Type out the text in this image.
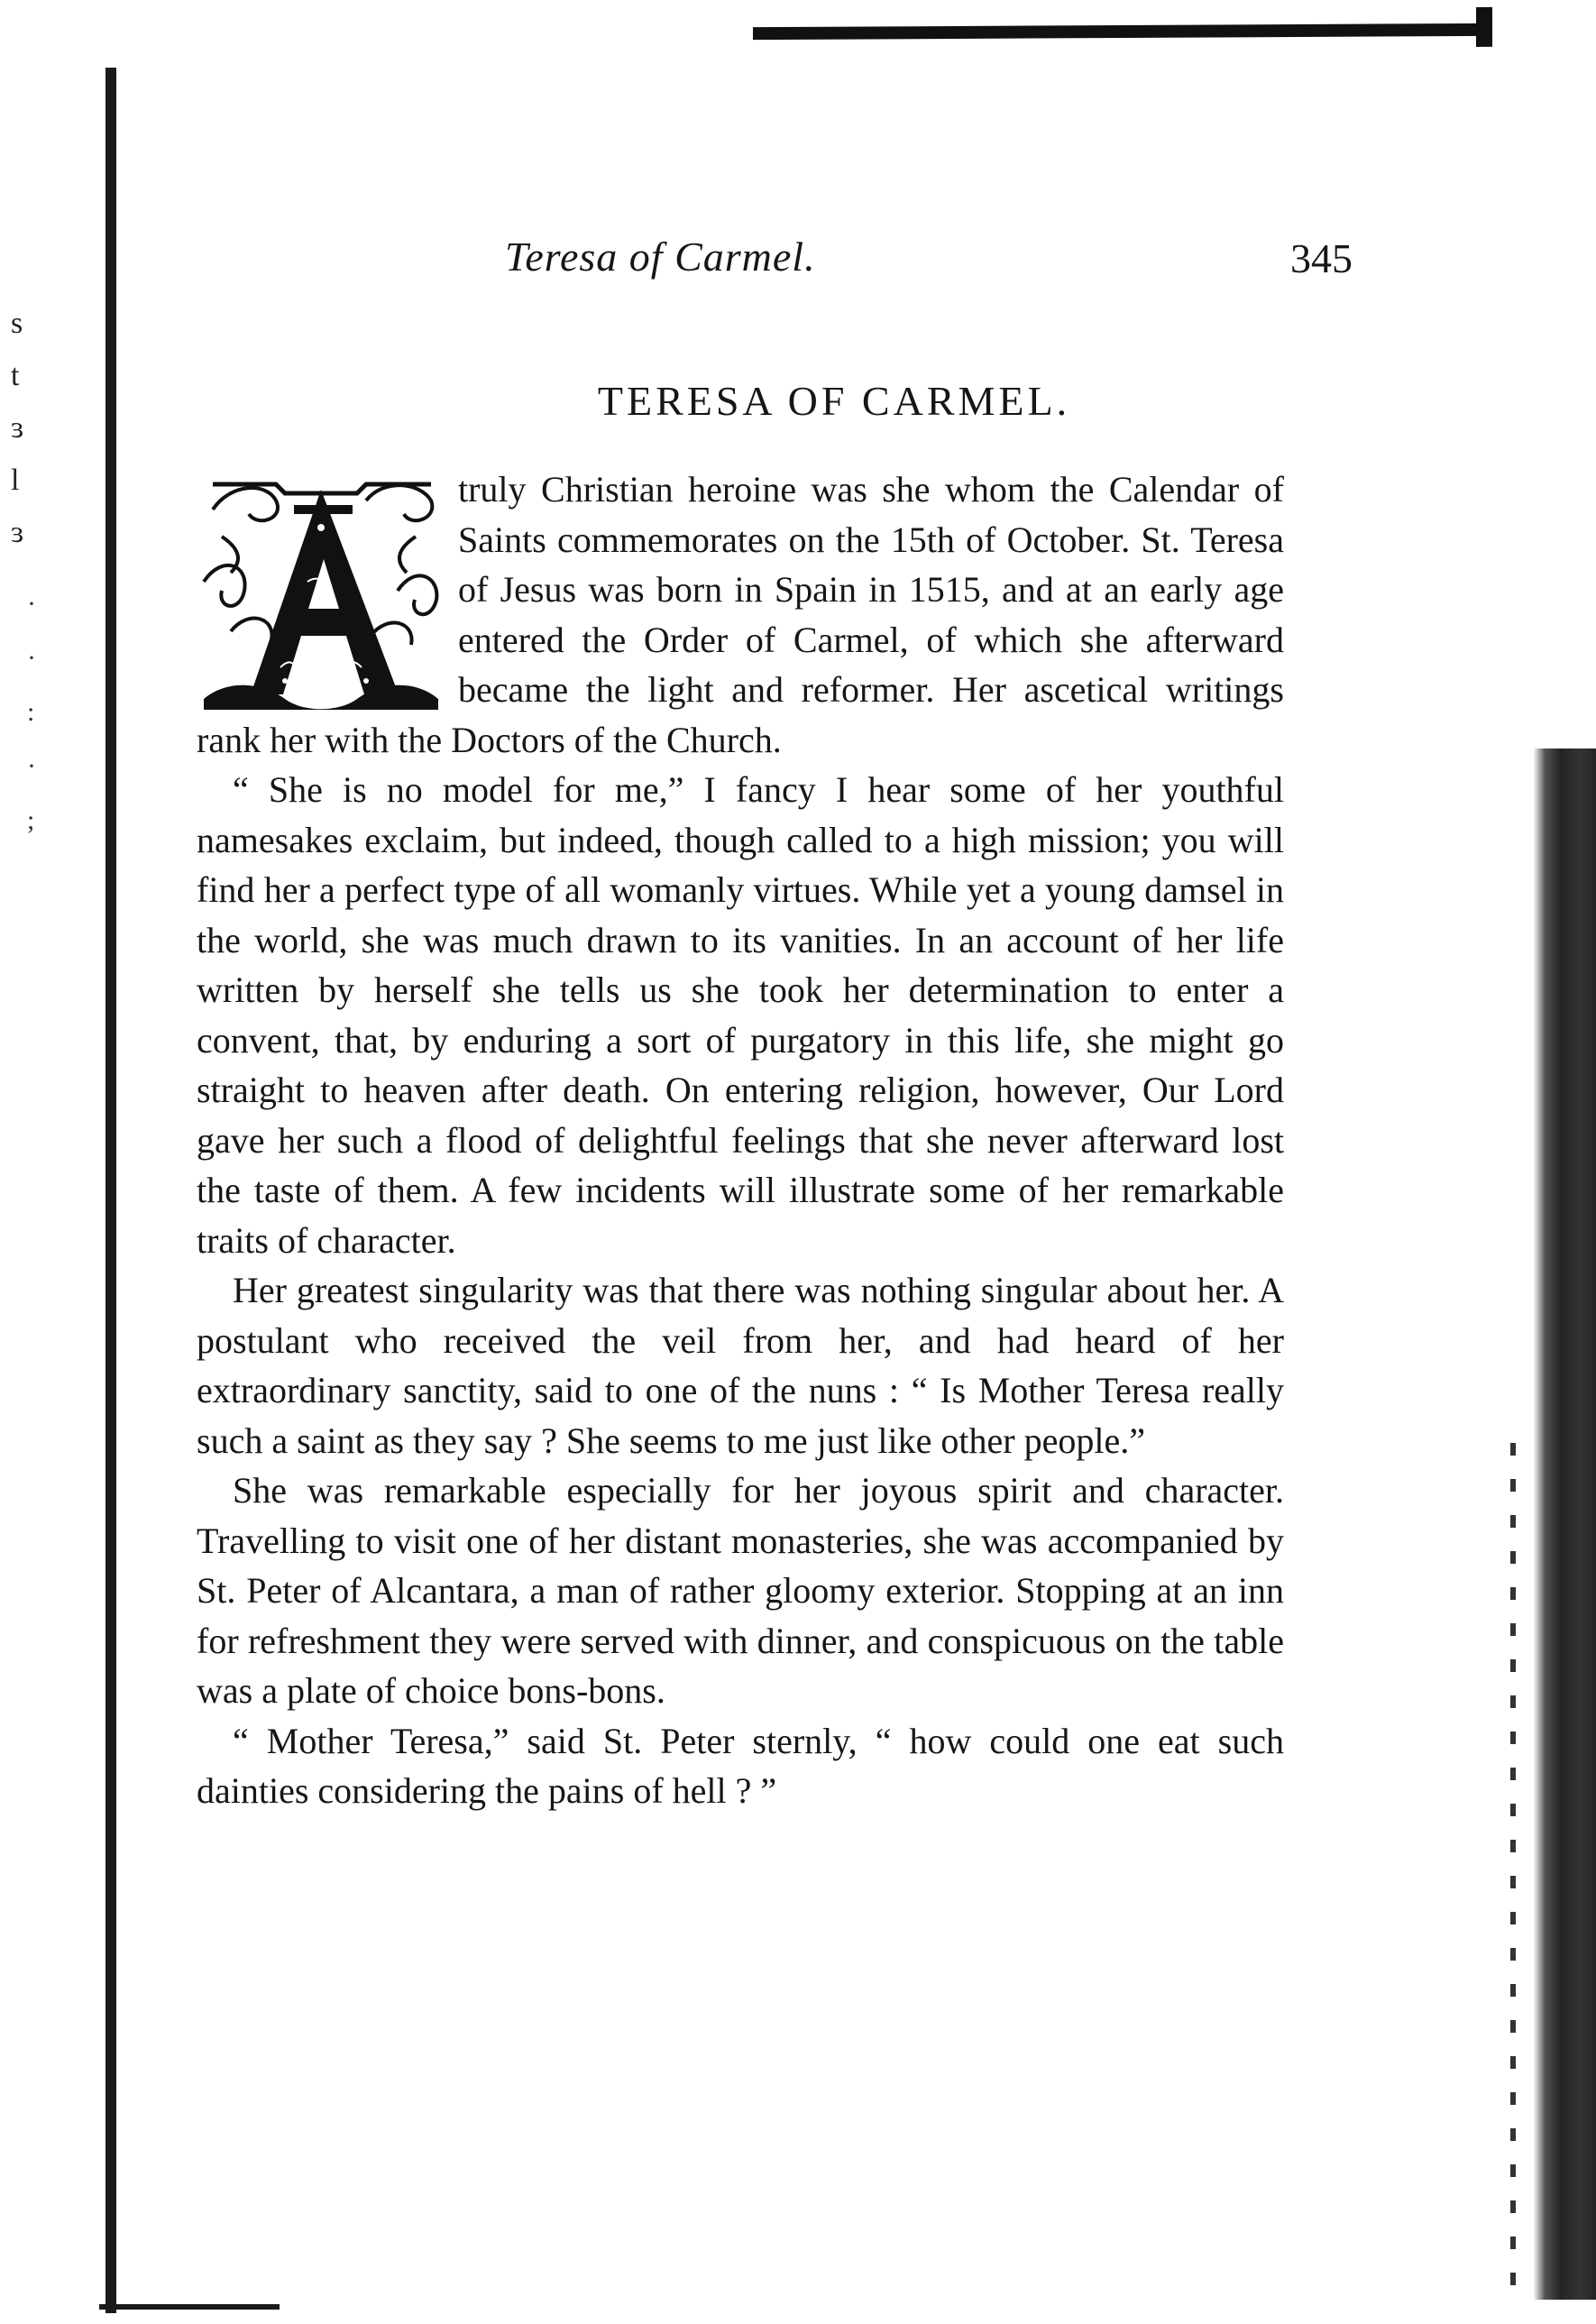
s
t
ɜ
l
ɜ
·
·
:
·
;
Teresa of Carmel.	345
TERESA OF CARMEL.

truly Christian heroine was she whom the Calendar of Saints commemorates on the 15th of October. St. Teresa of Jesus was born in Spain in 1515, and at an early age entered the Order of Carmel, of which she afterward became the light and reformer. Her ascetical writings rank her with the Doctors of the Church.

“ She is no model for me,” I fancy I hear some of her youthful namesakes exclaim, but indeed, though called to a high mission; you will find her a perfect type of all womanly virtues. While yet a young damsel in the world, she was much drawn to its vanities. In an account of her life written by herself she tells us she took her determination to enter a convent, that, by enduring a sort of purgatory in this life, she might go straight to heaven after death. On entering religion, however, Our Lord gave her such a flood of delightful feelings that she never afterward lost the taste of them. A few incidents will illustrate some of her remarkable traits of character.

Her greatest singularity was that there was nothing singular about her. A postulant who received the veil from her, and had heard of her extraordinary sanctity, said to one of the nuns : “ Is Mother Teresa really such a saint as they say ? She seems to me just like other people.”

She was remarkable especially for her joyous spirit and character. Travelling to visit one of her distant monasteries, she was accompanied by St. Peter of Alcantara, a man of rather gloomy exterior. Stopping at an inn for refreshment they were served with dinner, and conspicuous on the table was a plate of choice bons-bons.

“ Mother Teresa,” said St. Peter sternly, “ how could one eat such dainties considering the pains of hell ? ”
